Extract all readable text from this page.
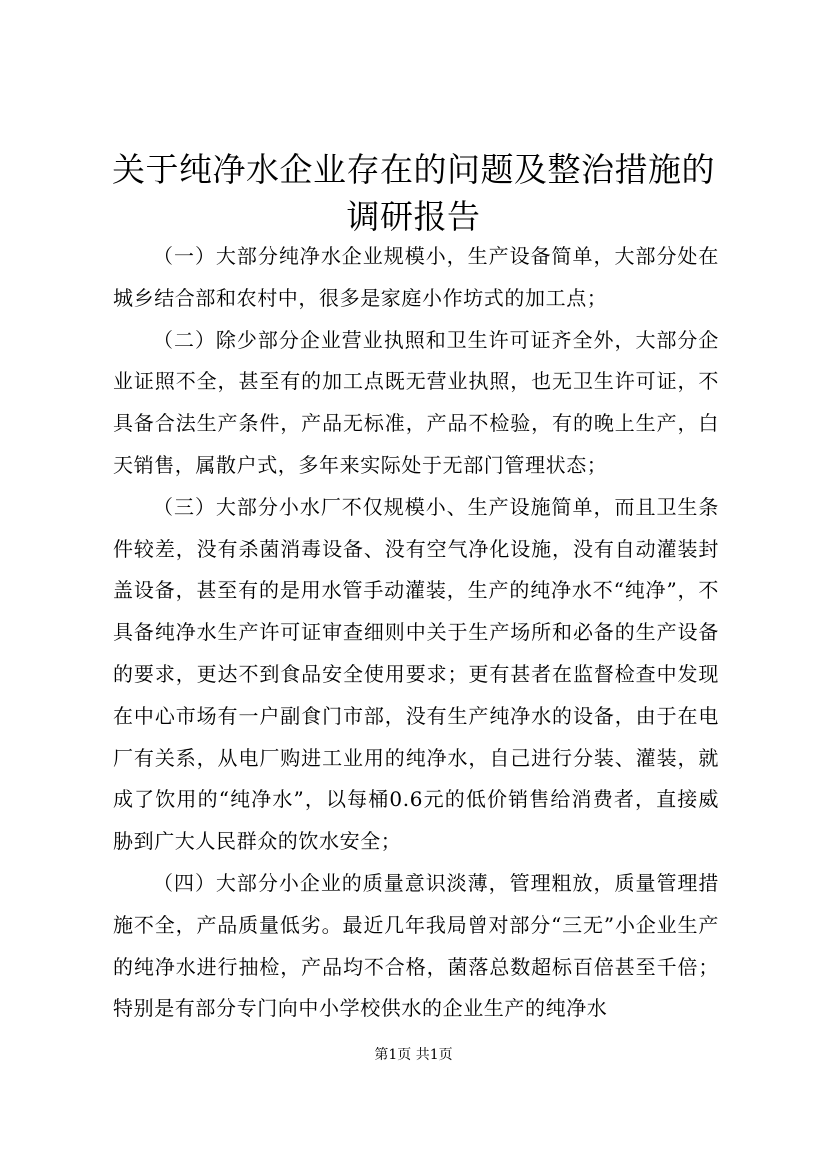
关于纯净水企业存在的问题及整治措施的调研报告

（一）大部分纯净水企业规模小，生产设备简单，大部分处在城乡结合部和农村中，很多是家庭小作坊式的加工点；

（二）除少部分企业营业执照和卫生许可证齐全外，大部分企业证照不全，甚至有的加工点既无营业执照，也无卫生许可证，不具备合法生产条件，产品无标准，产品不检验，有的晚上生产，白天销售，属散户式，多年来实际处于无部门管理状态；

（三）大部分小水厂不仅规模小、生产设施简单，而且卫生条件较差，没有杀菌消毒设备、没有空气净化设施，没有自动灌装封盖设备，甚至有的是用水管手动灌装，生产的纯净水不“纯净”，不具备纯净水生产许可证审查细则中关于生产场所和必备的生产设备的要求，更达不到食品安全使用要求；更有甚者在监督检查中发现在中心市场有一户副食门市部，没有生产纯净水的设备，由于在电厂有关系，从电厂购进工业用的纯净水，自己进行分装、灌装，就成了饮用的“纯净水”，以每桶0.6元的低价销售给消费者，直接威胁到广大人民群众的饮水安全；

（四）大部分小企业的质量意识淡薄，管理粗放，质量管理措施不全，产品质量低劣。最近几年我局曾对部分“三无”小企业生产的纯净水进行抽检，产品均不合格，菌落总数超标百倍甚至千倍；特别是有部分专门向中小学校供水的企业生产的纯净水

第1页 共1页
